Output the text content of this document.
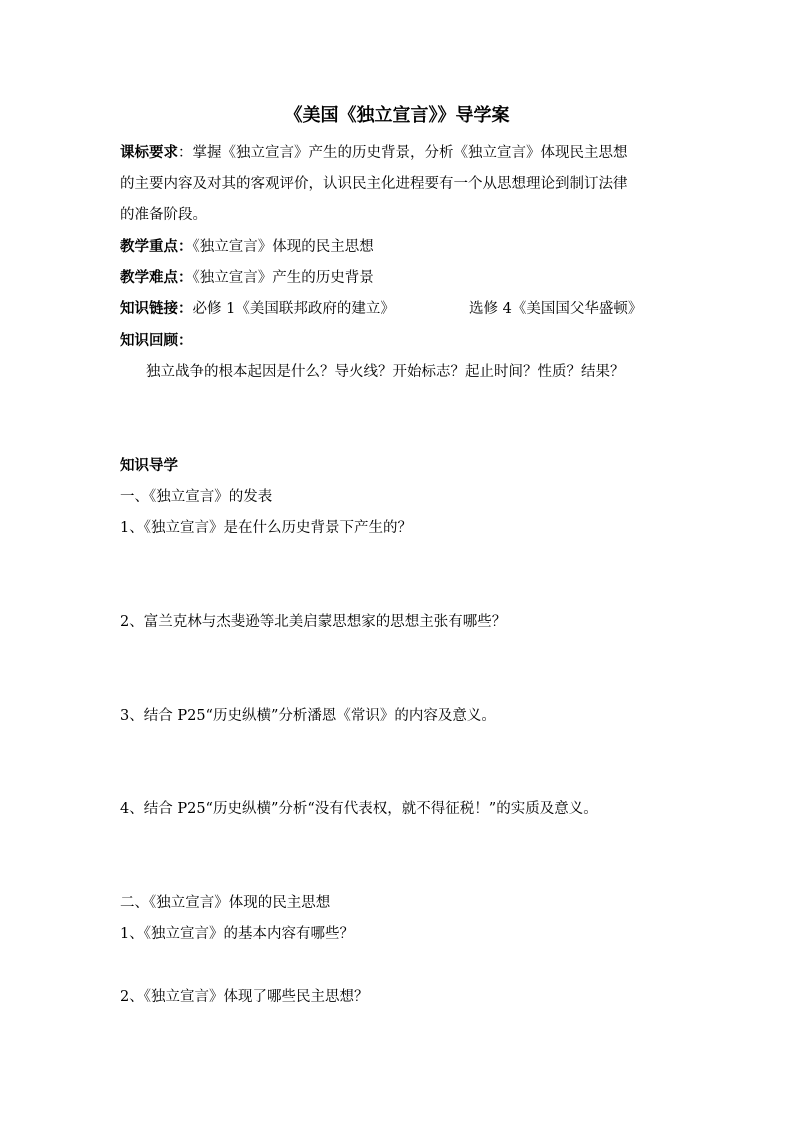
《美国《独立宣言》》导学案
课标要求：掌握《独立宣言》产生的历史背景，分析《独立宣言》体现民主思想
的主要内容及对其的客观评价，认识民主化进程要有一个从思想理论到制订法律
的准备阶段。
教学重点：《独立宣言》体现的民主思想
教学难点：《独立宣言》产生的历史背景
知识链接：必修 1《美国联邦政府的建立》	选修 4《美国国父华盛顿》
知识回顾：
独立战争的根本起因是什么？导火线？开始标志？起止时间？性质？结果？
知识导学
一、《独立宣言》的发表
1、《独立宣言》是在什么历史背景下产生的？
2、富兰克林与杰斐逊等北美启蒙思想家的思想主张有哪些？
3、结合 P25“历史纵横”分析潘恩《常识》的内容及意义。
4、结合 P25“历史纵横”分析“没有代表权，就不得征税！”的实质及意义。
二、《独立宣言》体现的民主思想
1、《独立宣言》的基本内容有哪些？
2、《独立宣言》体现了哪些民主思想？
